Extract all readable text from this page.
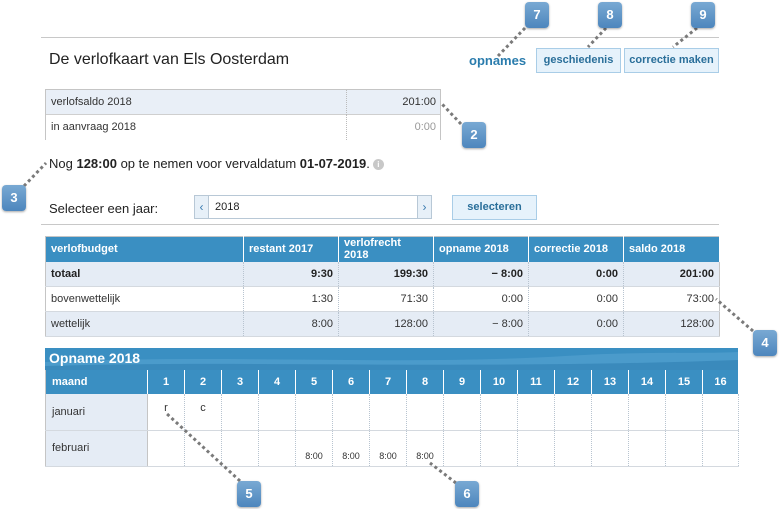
De verlofkaart van Els Oosterdam	opnames	geschiedenis	correctie maken
verlofsaldo 2018	201:00
in aanvraag 2018	0:00
Nog 128:00 op te nemen voor vervaldatum 01-07-2019. i
Selecteer een jaar:	‹	2018	›	selecteren
verlofbudget	restant 2017	verlofrecht 2018	opname 2018	correctie 2018	saldo 2018
totaal	9:30	199:30	− 8:00	0:00	201:00
bovenwettelijk	1:30	71:30	0:00	0:00	73:00
wettelijk	8:00	128:00	− 8:00	0:00	128:00
Opname 2018
maand	1	2	3	4	5	6	7	8	9	10	11	12	13	14	15	16
januari	r	c														
februari					8:00	8:00	8:00	8:00								
7	8	9
2
3
4
5	6
